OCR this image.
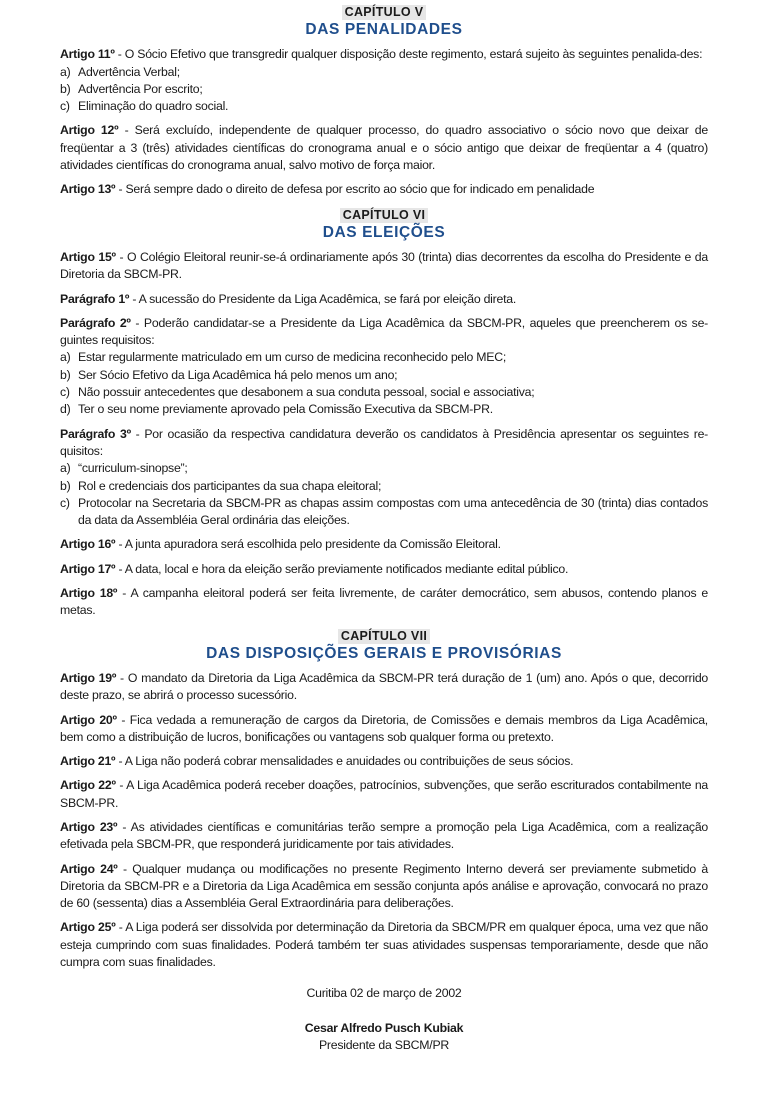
CAPÍTULO V
DAS PENALIDADES

Artigo 11º - O Sócio Efetivo que transgredir qualquer disposição deste regimento, estará sujeito às seguintes penalida-des:

a) Advertência Verbal;
b) Advertência Por escrito;
c) Eliminação do quadro social.

Artigo 12º - Será excluído, independente de qualquer processo, do quadro associativo o sócio novo que deixar de freqüentar a 3 (três) atividades científicas do cronograma anual e o sócio antigo que deixar de freqüentar a 4 (quatro) atividades científicas do cronograma anual, salvo motivo de força maior.

Artigo 13º - Será sempre dado o direito de defesa por escrito ao sócio que for indicado em penalidade

CAPÍTULO VI
DAS ELEIÇÕES

Artigo 15º - O Colégio Eleitoral reunir-se-á ordinariamente após 30 (trinta) dias decorrentes da escolha do Presidente e da Diretoria da SBCM-PR.

Parágrafo 1º - A sucessão do Presidente da Liga Acadêmica, se fará por eleição direta.

Parágrafo 2º - Poderão candidatar-se a Presidente da Liga Acadêmica da SBCM-PR, aqueles que preencherem os se-guintes requisitos:

a) Estar regularmente matriculado em um curso de medicina reconhecido pelo MEC;
b) Ser Sócio Efetivo da Liga Acadêmica há pelo menos um ano;
c) Não possuir antecedentes que desabonem a sua conduta pessoal, social e associativa;
d) Ter o seu nome previamente aprovado pela Comissão Executiva da SBCM-PR.

Parágrafo 3º - Por ocasião da respectiva candidatura deverão os candidatos à Presidência apresentar os seguintes re-quisitos:

a) “curriculum-sinopse”;
b) Rol e credenciais dos participantes da sua chapa eleitoral;
c) Protocolar na Secretaria da SBCM-PR as chapas assim compostas com uma antecedência de 30 (trinta) dias contados da data da Assembléia Geral ordinária das eleições.

Artigo 16º - A junta apuradora será escolhida pelo presidente da Comissão Eleitoral.

Artigo 17º - A data, local e hora da eleição serão previamente notificados mediante edital público.

Artigo 18º - A campanha eleitoral poderá ser feita livremente, de caráter democrático, sem abusos, contendo planos e metas.

CAPÍTULO VII
DAS DISPOSIÇÕES GERAIS E PROVISÓRIAS

Artigo 19º - O mandato da Diretoria da Liga Acadêmica da SBCM-PR terá duração de 1 (um) ano. Após o que, decorrido deste prazo, se abrirá o processo sucessório.

Artigo 20º - Fica vedada a remuneração de cargos da Diretoria, de Comissões e demais membros da Liga Acadêmica, bem como a distribuição de lucros, bonificações ou vantagens sob qualquer forma ou pretexto.

Artigo 21º - A Liga não poderá cobrar mensalidades e anuidades ou contribuições de seus sócios.

Artigo 22º - A Liga Acadêmica poderá receber doações, patrocínios, subvenções, que serão escriturados contabilmente na SBCM-PR.

Artigo 23º - As atividades científicas e comunitárias terão sempre a promoção pela Liga Acadêmica, com a realização efetivada pela SBCM-PR, que responderá juridicamente por tais atividades.

Artigo 24º - Qualquer mudança ou modificações no presente Regimento Interno deverá ser previamente submetido à Diretoria da SBCM-PR e a Diretoria da Liga Acadêmica em sessão conjunta após análise e aprovação, convocará no prazo de 60 (sessenta) dias a Assembléia Geral Extraordinária para deliberações.

Artigo 25º - A Liga poderá ser dissolvida por determinação da Diretoria da SBCM/PR em qualquer época, uma vez que não esteja cumprindo com suas finalidades. Poderá também ter suas atividades suspensas temporariamente, desde que não cumpra com suas finalidades.

Curitiba 02 de março de 2002
Cesar Alfredo Pusch Kubiak
Presidente da SBCM/PR
